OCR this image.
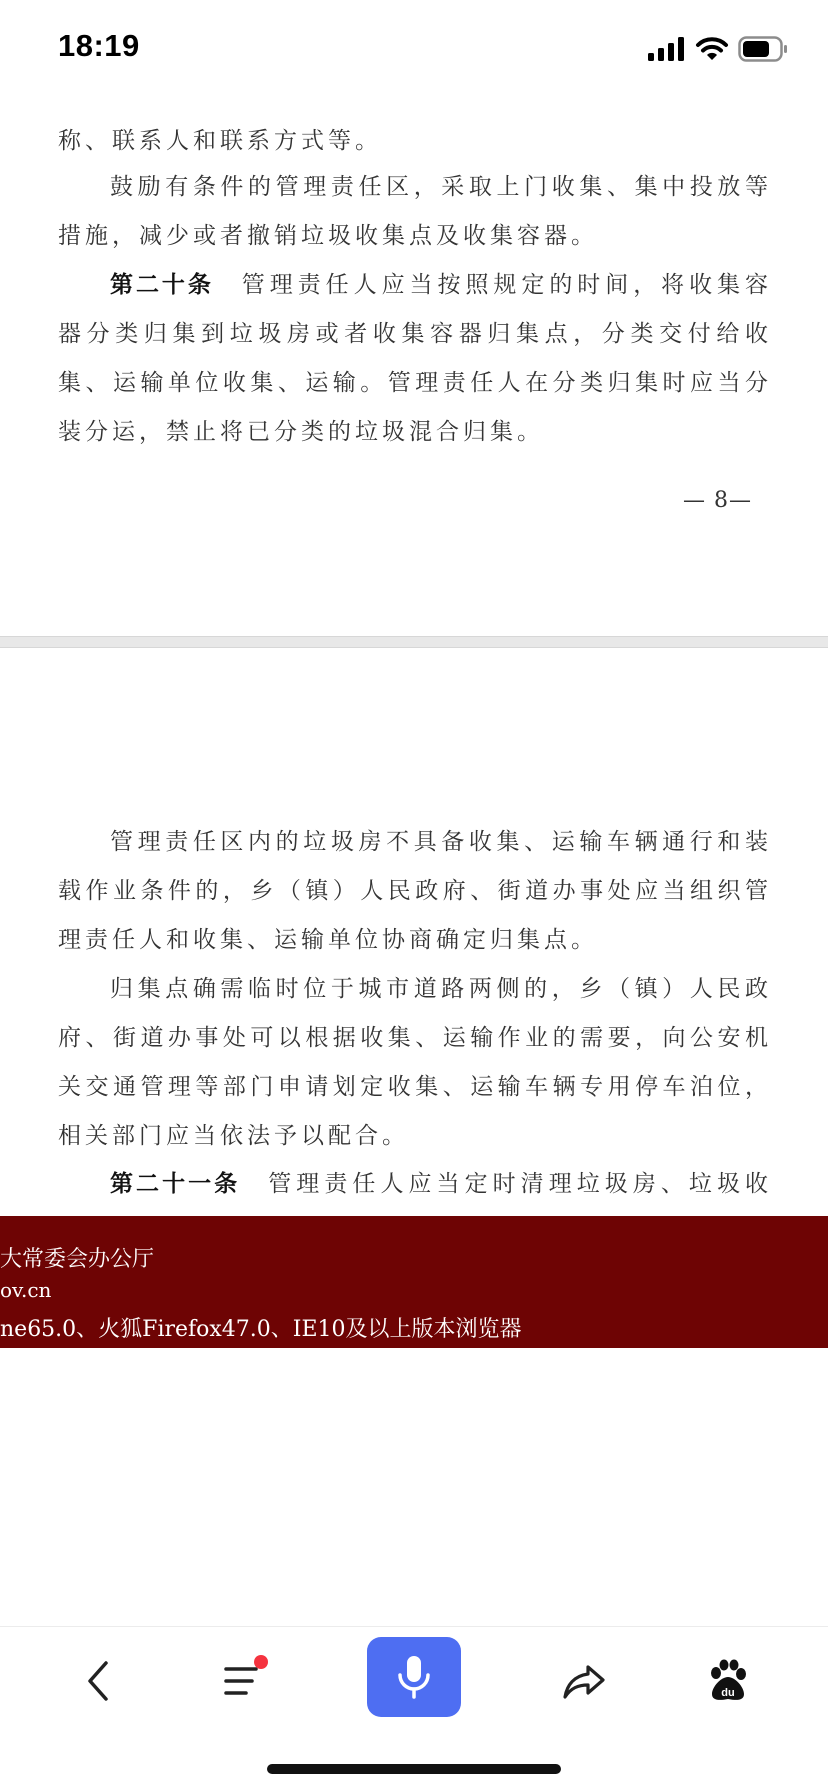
18:19

称、联系人和联系方式等。

鼓励有条件的管理责任区，采取上门收集、集中投放等措施，减少或者撤销垃圾收集点及收集容器。

第二十条　 管理责任人应当按照规定的时间，将收集容器分类归集到垃圾房或者收集容器归集点，分类交付给收集、运输单位收集、运输。管理责任人在分类归集时应当分装分运，禁止将已分类的垃圾混合归集。

— 8—

管理责任区内的垃圾房不具备收集、运输车辆通行和装载作业条件的，乡（镇）人民政府、街道办事处应当组织管理责任人和收集、运输单位协商确定归集点。

归集点确需临时位于城市道路两侧的，乡（镇）人民政府、街道办事处可以根据收集、运输作业的需要，向公安机关交通管理等部门申请划定收集、运输车辆专用停车泊位，相关部门应当依法予以配合。

第二十一条　 管理责任人应当定时清理垃圾房、垃圾收

大常委会办公厅
ov.cn
ne65.0、火狐Firefox47.0、IE10及以上版本浏览器
du
